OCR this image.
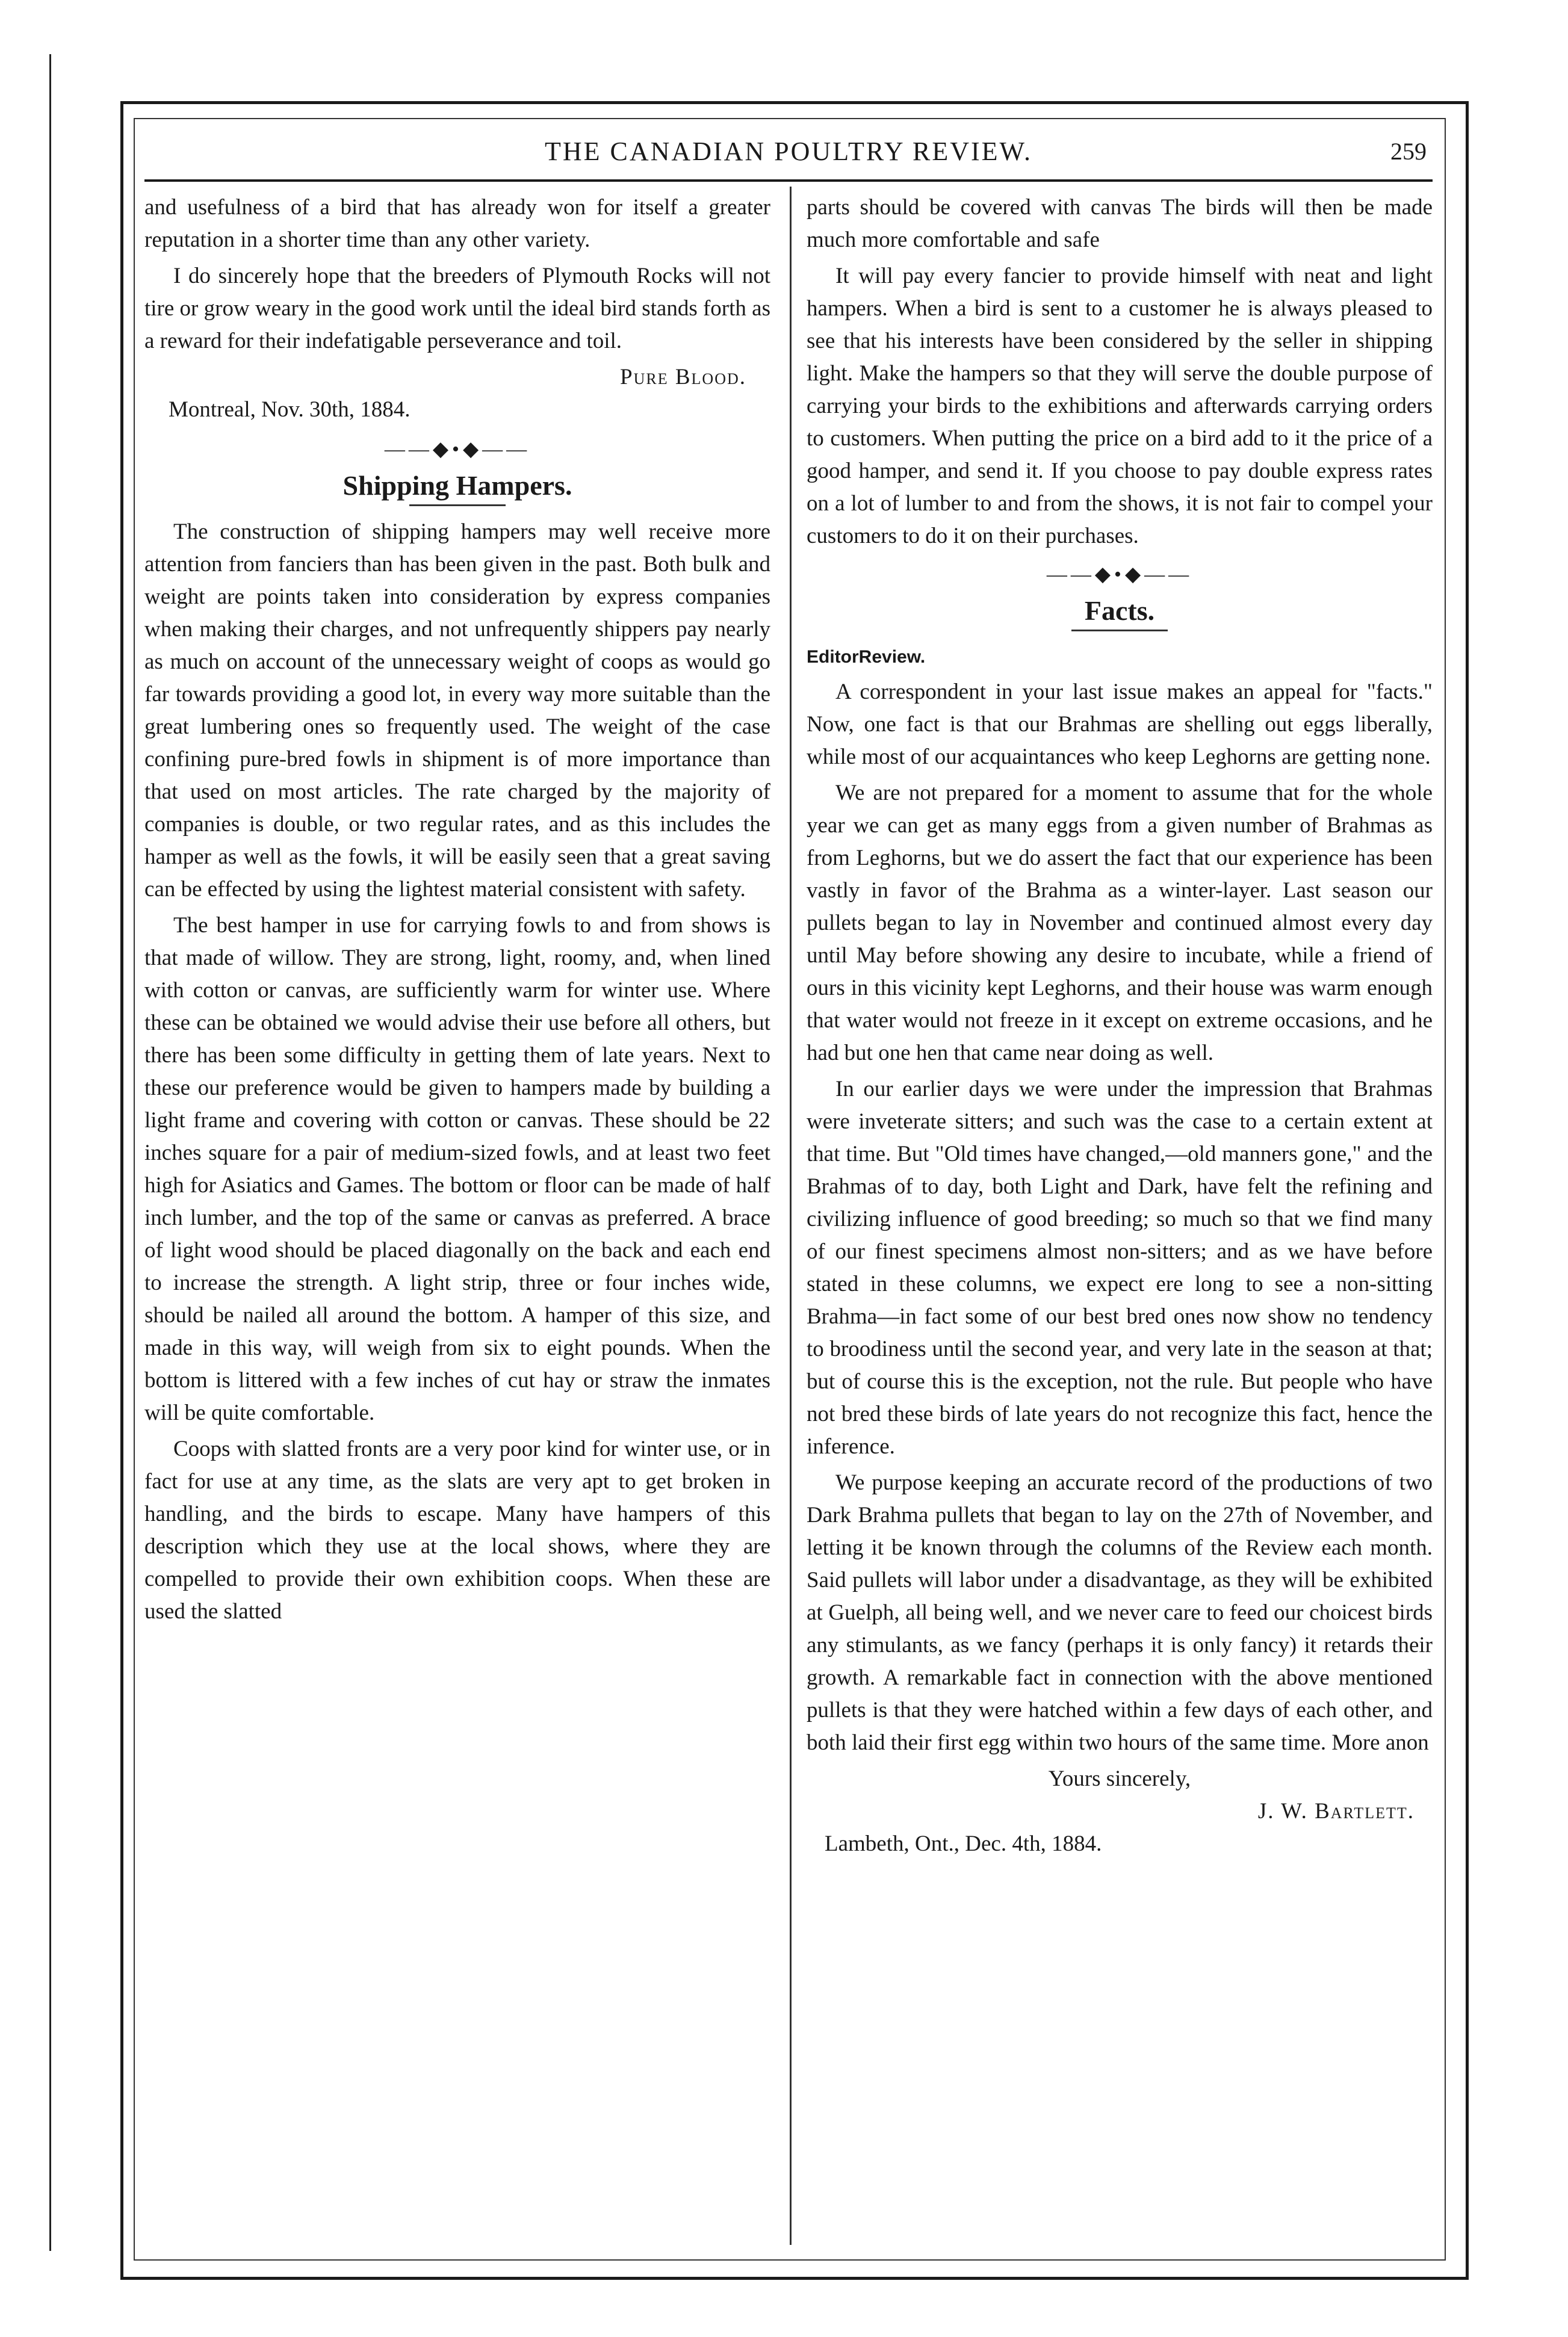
THE CANADIAN POULTRY REVIEW.	259

and usefulness of a bird that has already won for itself a greater reputation in a shorter time than any other variety.

I do sincerely hope that the breeders of Plymouth Rocks will not tire or grow weary in the good work until the ideal bird stands forth as a reward for their indefatigable perseverance and toil.

Pure Blood.

Montreal, Nov. 30th, 1884.

——◆•◆——
Shipping Hampers.

The construction of shipping hampers may well receive more attention from fanciers than has been given in the past. Both bulk and weight are points taken into consideration by express companies when making their charges, and not unfrequently shippers pay nearly as much on account of the unnecessary weight of coops as would go far towards providing a good lot, in every way more suitable than the great lumbering ones so frequently used. The weight of the case confining pure-bred fowls in shipment is of more importance than that used on most articles. The rate charged by the majority of companies is double, or two regular rates, and as this includes the hamper as well as the fowls, it will be easily seen that a great saving can be effected by using the lightest material consistent with safety.

The best hamper in use for carrying fowls to and from shows is that made of willow. They are strong, light, roomy, and, when lined with cotton or canvas, are sufficiently warm for winter use. Where these can be obtained we would advise their use before all others, but there has been some difficulty in getting them of late years. Next to these our preference would be given to hampers made by building a light frame and covering with cotton or canvas. These should be 22 inches square for a pair of medium-sized fowls, and at least two feet high for Asiatics and Games. The bottom or floor can be made of half inch lumber, and the top of the same or canvas as preferred. A brace of light wood should be placed diagonally on the back and each end to increase the strength. A light strip, three or four inches wide, should be nailed all around the bottom. A hamper of this size, and made in this way, will weigh from six to eight pounds. When the bottom is littered with a few inches of cut hay or straw the inmates will be quite comfortable.

Coops with slatted fronts are a very poor kind for winter use, or in fact for use at any time, as the slats are very apt to get broken in handling, and the birds to escape. Many have hampers of this description which they use at the local shows, where they are compelled to provide their own exhibition coops. When these are used the slatted

parts should be covered with canvas The birds will then be made much more comfortable and safe

It will pay every fancier to provide himself with neat and light hampers. When a bird is sent to a customer he is always pleased to see that his interests have been considered by the seller in shipping light. Make the hampers so that they will serve the double purpose of carrying your birds to the exhibitions and afterwards carrying orders to customers. When putting the price on a bird add to it the price of a good hamper, and send it. If you choose to pay double express rates on a lot of lumber to and from the shows, it is not fair to compel your customers to do it on their purchases.

——◆•◆——
Facts.

EditorReview.

A correspondent in your last issue makes an appeal for "facts." Now, one fact is that our Brahmas are shelling out eggs liberally, while most of our acquaintances who keep Leghorns are getting none.

We are not prepared for a moment to assume that for the whole year we can get as many eggs from a given number of Brahmas as from Leghorns, but we do assert the fact that our experience has been vastly in favor of the Brahma as a winter-layer. Last season our pullets began to lay in November and continued almost every day until May before showing any desire to incubate, while a friend of ours in this vicinity kept Leghorns, and their house was warm enough that water would not freeze in it except on extreme occasions, and he had but one hen that came near doing as well.

In our earlier days we were under the impression that Brahmas were inveterate sitters; and such was the case to a certain extent at that time. But "Old times have changed,—old manners gone," and the Brahmas of to day, both Light and Dark, have felt the refining and civilizing influence of good breeding; so much so that we find many of our finest specimens almost non-sitters; and as we have before stated in these columns, we expect ere long to see a non-sitting Brahma—in fact some of our best bred ones now show no tendency to broodiness until the second year, and very late in the season at that; but of course this is the exception, not the rule. But people who have not bred these birds of late years do not recognize this fact, hence the inference.

We purpose keeping an accurate record of the productions of two Dark Brahma pullets that began to lay on the 27th of November, and letting it be known through the columns of the Review each month. Said pullets will labor under a disadvantage, as they will be exhibited at Guelph, all being well, and we never care to feed our choicest birds any stimulants, as we fancy (perhaps it is only fancy) it retards their growth. A remarkable fact in connection with the above mentioned pullets is that they were hatched within a few days of each other, and both laid their first egg within two hours of the same time. More anon

Yours sincerely,

J. W. Bartlett.

Lambeth, Ont., Dec. 4th, 1884.
